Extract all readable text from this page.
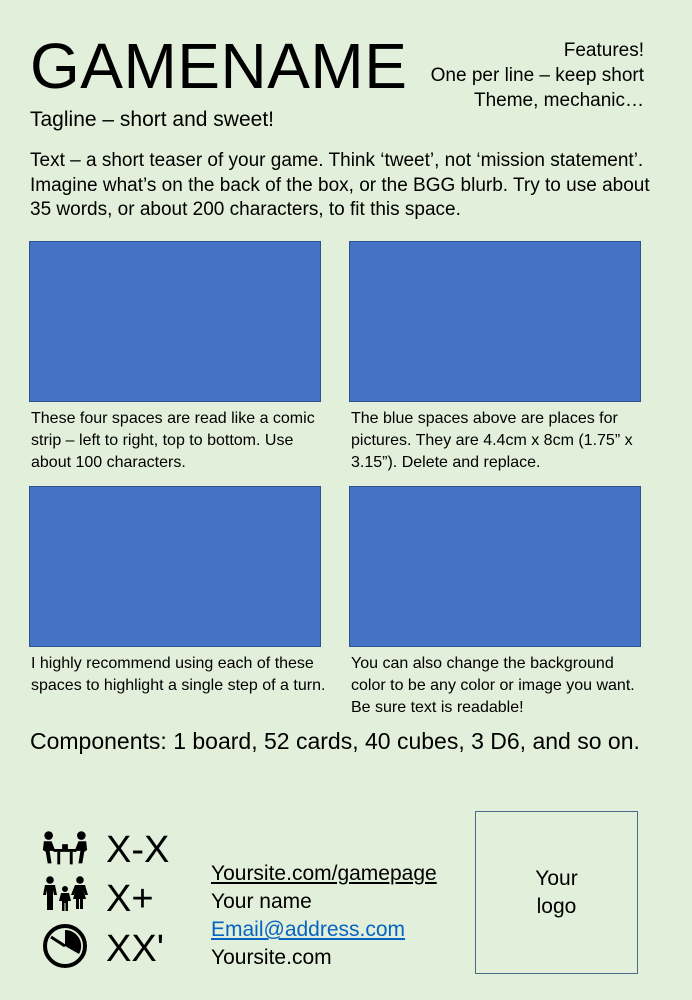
GAMENAME	Features!
One per line – keep short
Theme, mechanic…
Tagline – short and sweet!
Text – a short teaser of your game. Think ‘tweet’, not ‘mission statement’. Imagine what’s on the back of the box, or the BGG blurb. Try to use about 35 words, or about 200 characters, to fit this space.
These four spaces are read like a comic strip – left to right, top to bottom. Use about 100 characters.
The blue spaces above are places for pictures. They are 4.4cm x 8cm (1.75” x 3.15”). Delete and replace.
I highly recommend using each of these spaces to highlight a single step of a turn.
You can also change the background color to be any color or image you want. Be sure text is readable!
Components: 1 board, 52 cards, 40 cubes, 3 D6, and so on.
X-X
X+
XX'
Yoursite.com/gamepage
Your name
Email@address.com
Yoursite.com
Your logo
